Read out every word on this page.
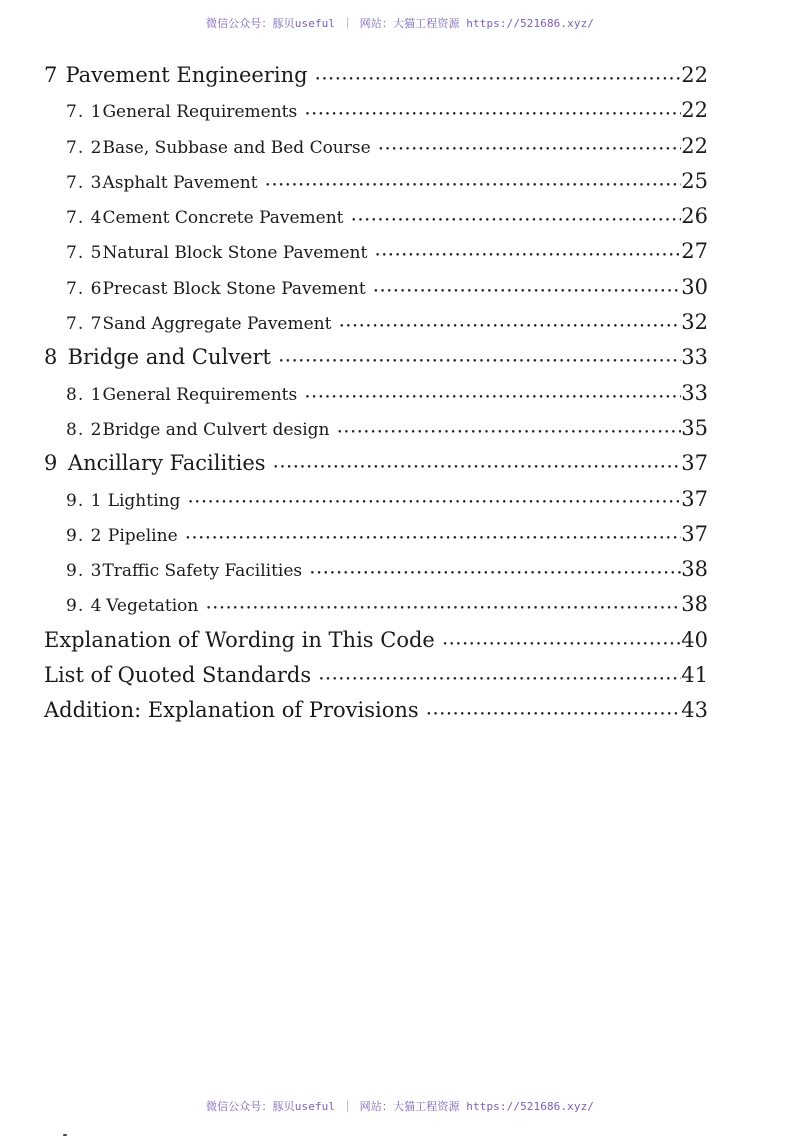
微信公众号：豚贝useful ｜ 网站：大猫工程资源 https://521686.xyz/
7 Pavement Engineering •••••	22
7. 1 General Requirements •••••	22
7. 2 Base, Subbase and Bed Course •••••	22
7. 3 Asphalt Pavement •••••	25
7. 4 Cement Concrete Pavement •••••	26
7. 5 Natural Block Stone Pavement •••••	27
7. 6 Precast Block Stone Pavement •••••	30
7. 7 Sand Aggregate Pavement •••••	32
8 Bridge and Culvert •••••	33
8. 1 General Requirements •••••	33
8. 2 Bridge and Culvert design •••••	35
9 Ancillary Facilities •••••	37
9. 1 Lighting •••••	37
9. 2 Pipeline •••••	37
9. 3 Traffic Safety Facilities •••••	38
9. 4 Vegetation •••••	38
Explanation of Wording in This Code •••••	40
List of Quoted Standards •••••	41
Addition: Explanation of Provisions •••••	43
微信公众号：豚贝useful ｜ 网站：大猫工程资源 https://521686.xyz/
